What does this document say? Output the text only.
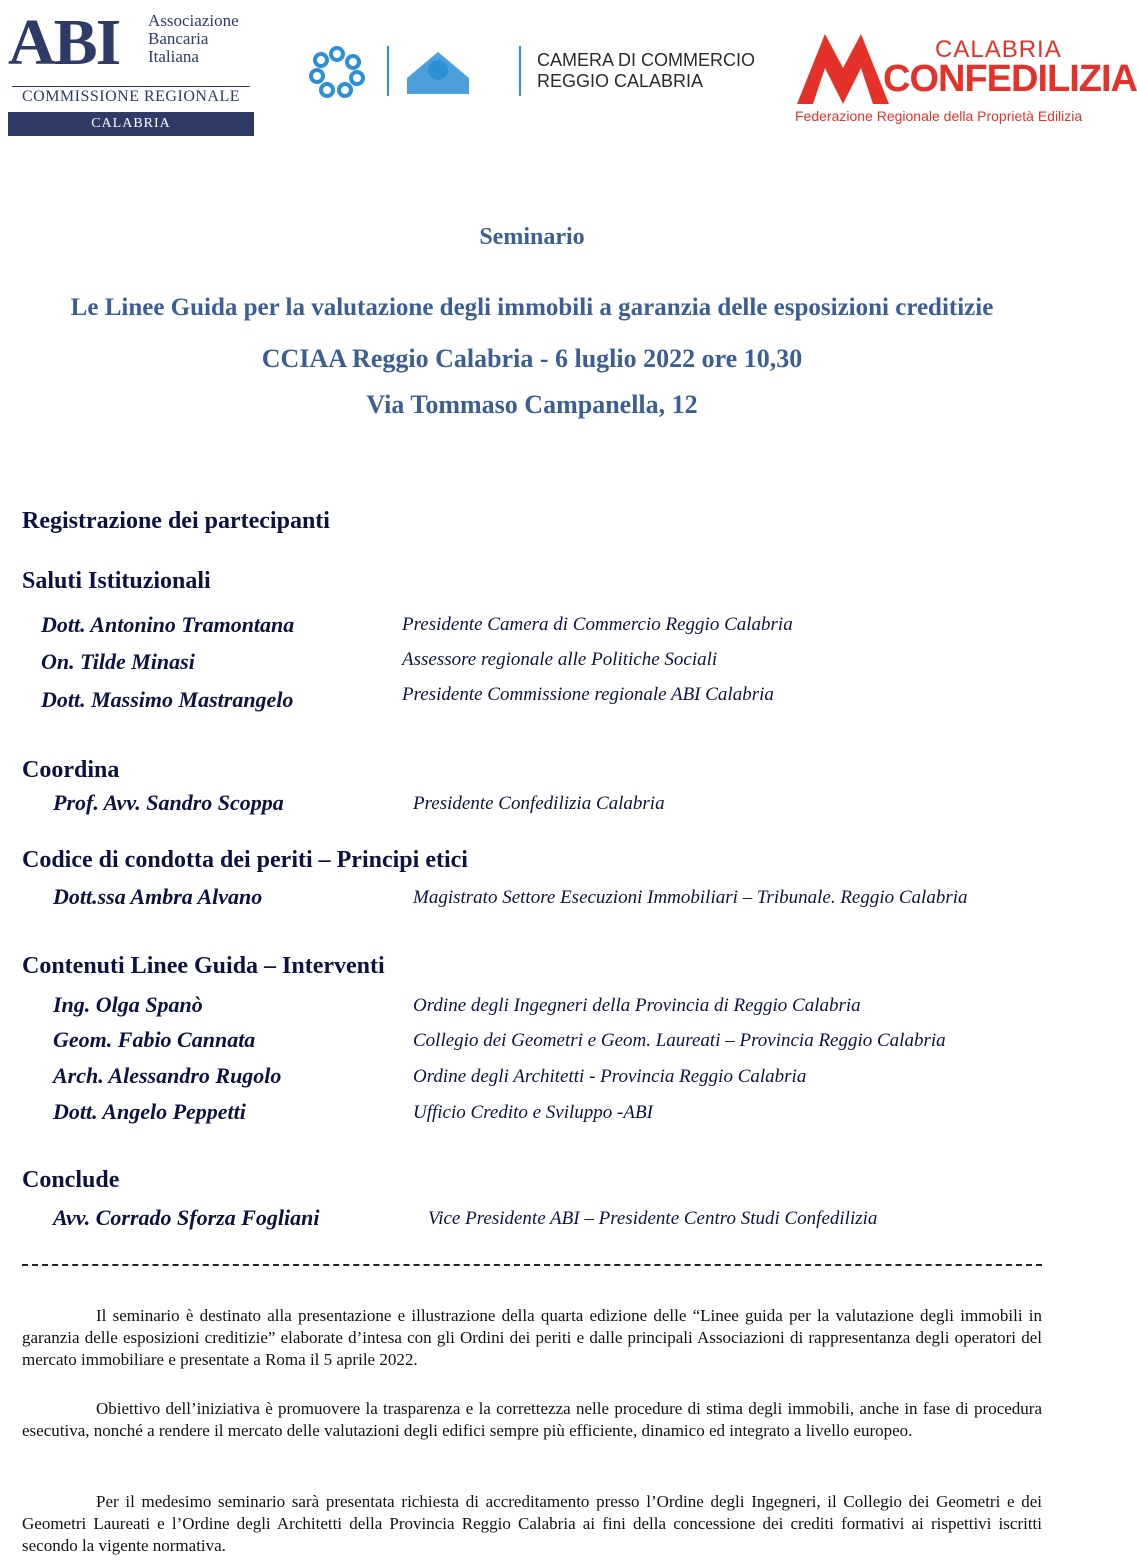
ABI Associazione
Bancaria
Italiana
COMMISSIONE REGIONALE
CALABRIA
CAMERA DI COMMERCIO
REGGIO CALABRIA
CALABRIA
CONFEDILIZIA
Federazione Regionale della Proprietà Edilizia
Seminario
Le Linee Guida per la valutazione degli immobili a garanzia delle esposizioni creditizie
CCIAA Reggio Calabria - 6 luglio 2022 ore 10,30
Via Tommaso Campanella, 12
Registrazione dei partecipanti
Saluti Istituzionali
Dott. Antonino Tramontana	Presidente Camera di Commercio Reggio Calabria
On. Tilde Minasi	Assessore regionale alle Politiche Sociali
Dott. Massimo Mastrangelo	Presidente Commissione regionale ABI Calabria
Coordina
Prof. Avv. Sandro Scoppa	Presidente Confedilizia Calabria
Codice di condotta dei periti – Principi etici
Dott.ssa Ambra Alvano	Magistrato Settore Esecuzioni Immobiliari – Tribunale. Reggio Calabria
Contenuti Linee Guida – Interventi
Ing. Olga Spanò	Ordine degli Ingegneri della Provincia di Reggio Calabria
Geom. Fabio Cannata	Collegio dei Geometri e Geom. Laureati – Provincia Reggio Calabria
Arch. Alessandro Rugolo	Ordine degli Architetti - Provincia Reggio Calabria
Dott. Angelo Peppetti	Ufficio Credito e Sviluppo -ABI
Conclude
Avv. Corrado Sforza Fogliani	Vice Presidente ABI – Presidente Centro Studi Confedilizia

Il seminario è destinato alla presentazione e illustrazione della quarta edizione delle “Linee guida per la valutazione degli immobili in garanzia delle esposizioni creditizie” elaborate d’intesa con gli Ordini dei periti e dalle principali Associazioni di rappresentanza degli operatori del mercato immobiliare e presentate a Roma il 5 aprile 2022.

Obiettivo dell’iniziativa è promuovere la trasparenza e la correttezza nelle procedure di stima degli immobili, anche in fase di procedura esecutiva, nonché a rendere il mercato delle valutazioni degli edifici sempre più efficiente, dinamico ed integrato a livello europeo.

Per il medesimo seminario sarà presentata richiesta di accreditamento presso l’Ordine degli Ingegneri, il Collegio dei Geometri e dei Geometri Laureati e l’Ordine degli Architetti della Provincia Reggio Calabria ai fini della concessione dei crediti formativi ai rispettivi iscritti secondo la vigente normativa.
